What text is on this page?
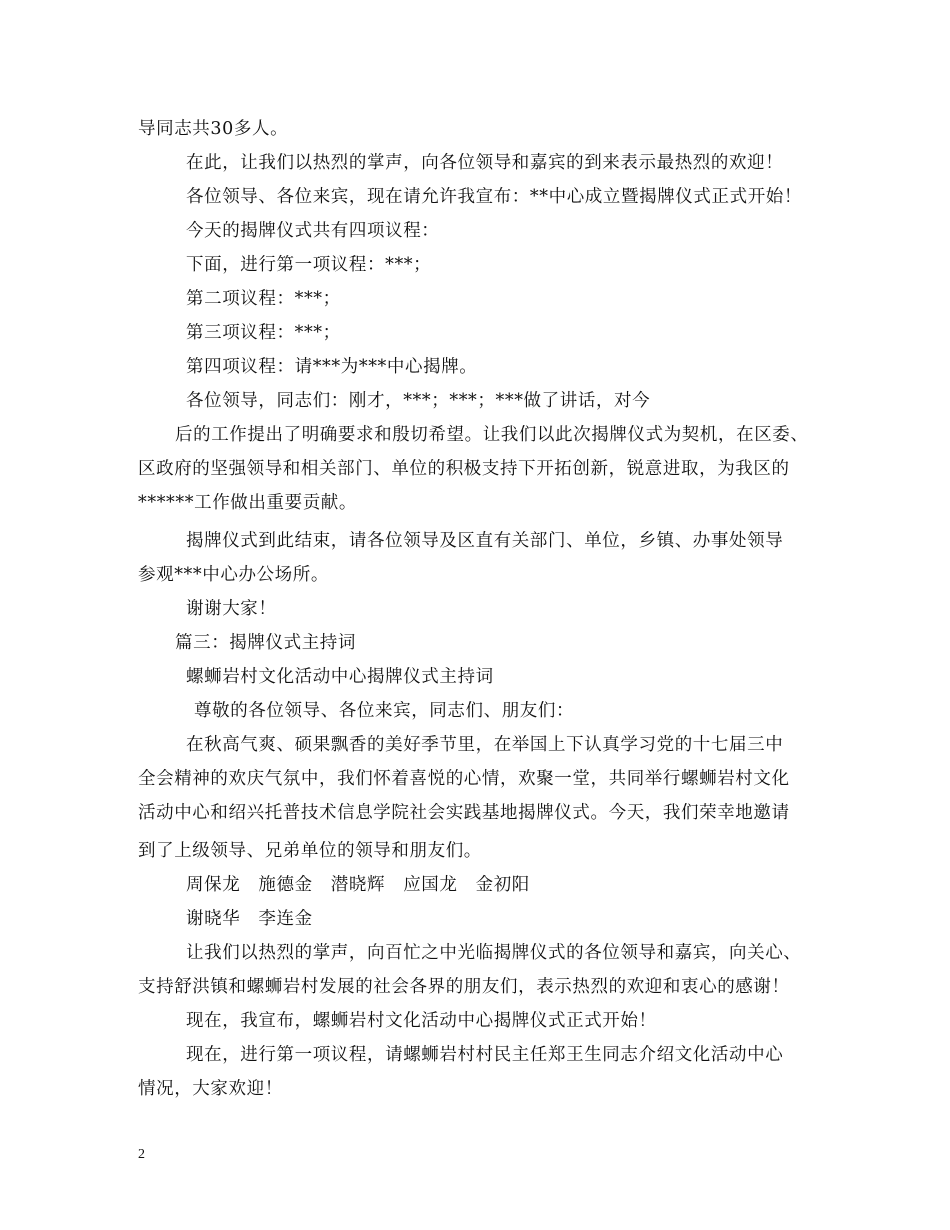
导同志共30多人。
在此，让我们以热烈的掌声，向各位领导和嘉宾的到来表示最热烈的欢迎！
各位领导、各位来宾，现在请允许我宣布：**中心成立暨揭牌仪式正式开始！
今天的揭牌仪式共有四项议程：
下面，进行第一项议程：***；
第二项议程：***；
第三项议程：***；
第四项议程：请***为***中心揭牌。
各位领导，同志们：刚才，***；***；***做了讲话，对今
后的工作提出了明确要求和殷切希望。让我们以此次揭牌仪式为契机，在区委、
区政府的坚强领导和相关部门、单位的积极支持下开拓创新，锐意进取，为我区的
******工作做出重要贡献。
揭牌仪式到此结束，请各位领导及区直有关部门、单位，乡镇、办事处领导
参观***中心办公场所。
谢谢大家！
篇三：揭牌仪式主持词
螺蛳岩村文化活动中心揭牌仪式主持词
尊敬的各位领导、各位来宾，同志们、朋友们：
在秋高气爽、硕果飘香的美好季节里，在举国上下认真学习党的十七届三中
全会精神的欢庆气氛中，我们怀着喜悦的心情，欢聚一堂，共同举行螺蛳岩村文化
活动中心和绍兴托普技术信息学院社会实践基地揭牌仪式。今天，我们荣幸地邀请
到了上级领导、兄弟单位的领导和朋友们。
周保龙　施德金　潜晓辉　应国龙　金初阳
谢晓华　李连金
让我们以热烈的掌声，向百忙之中光临揭牌仪式的各位领导和嘉宾，向关心、
支持舒洪镇和螺蛳岩村发展的社会各界的朋友们，表示热烈的欢迎和衷心的感谢！
现在，我宣布，螺蛳岩村文化活动中心揭牌仪式正式开始！
现在，进行第一项议程，请螺蛳岩村村民主任郑王生同志介绍文化活动中心
情况，大家欢迎！
2
